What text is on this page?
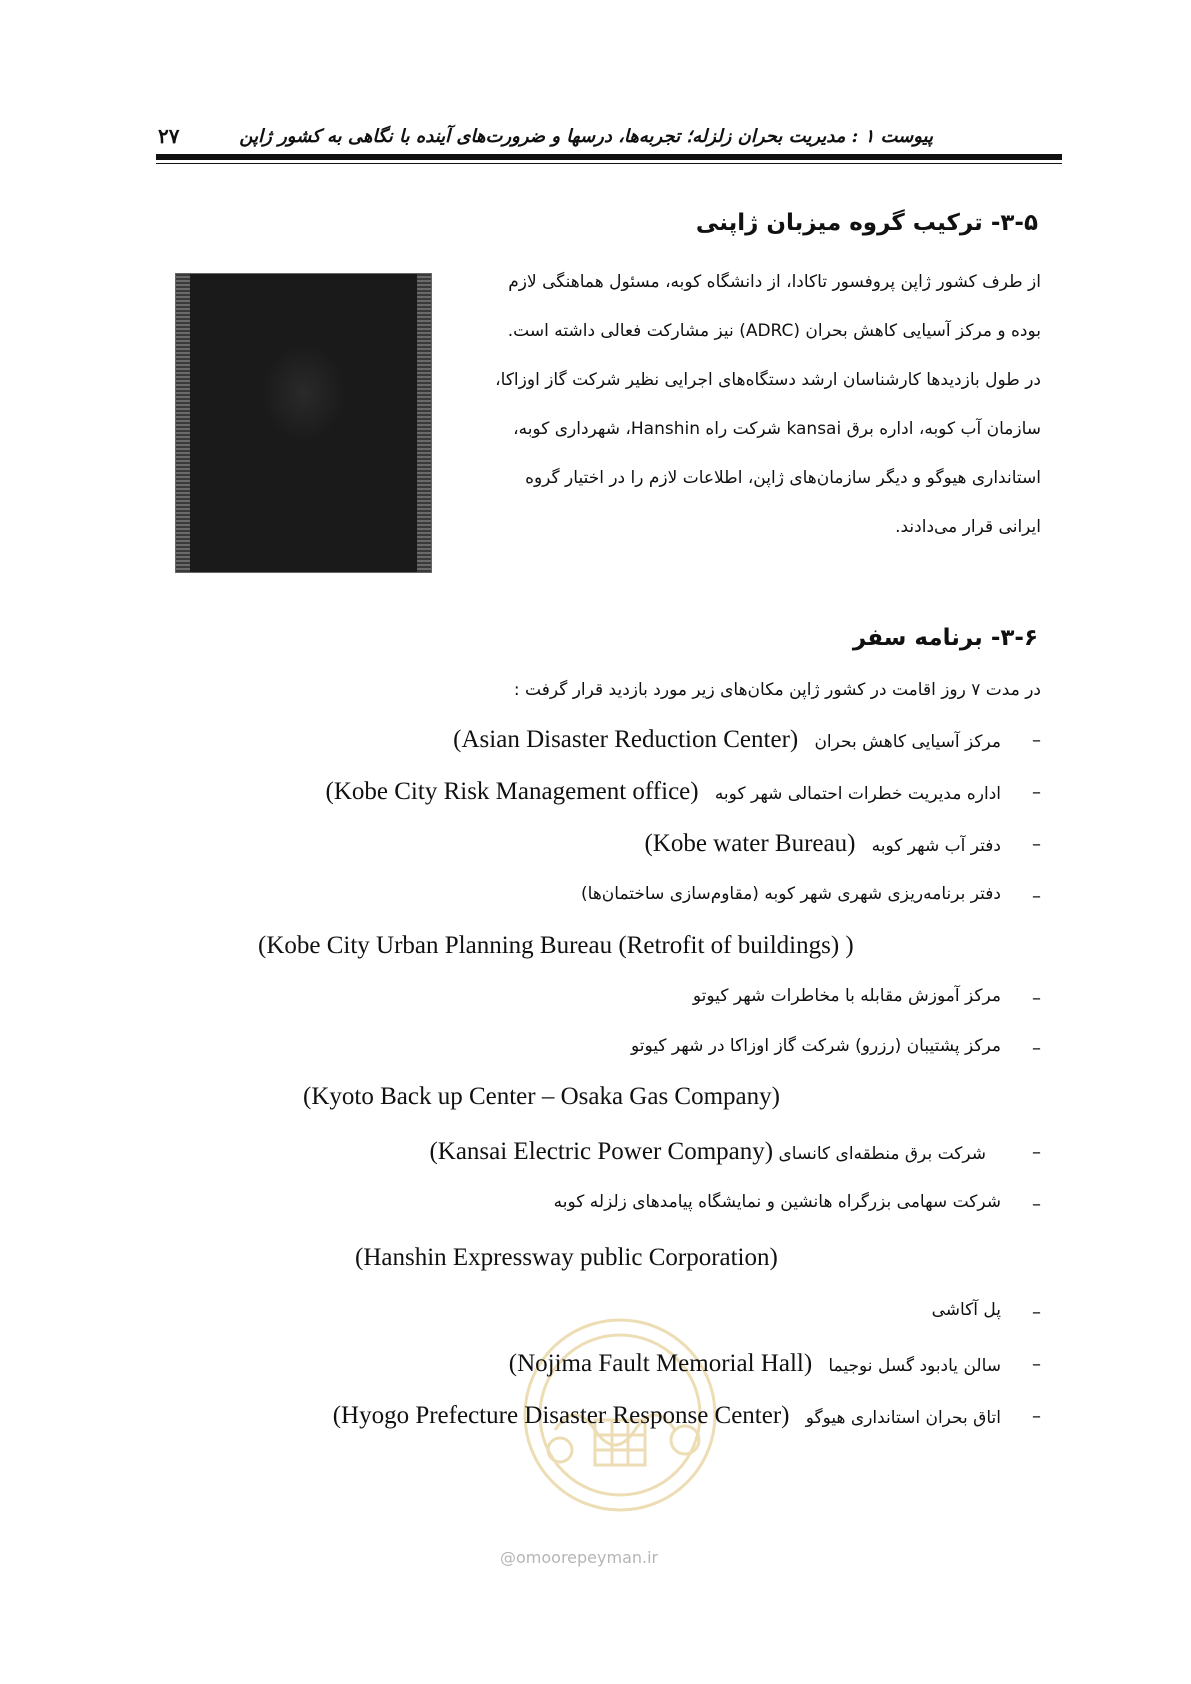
پیوست ۱ : مدیریت بحران زلزله؛ تجربه‌ها، درسها و ضرورت‌های آینده با نگاهی به کشور ژاپن
۲۷
۳-۵- ترکیب گروه میزبان ژاپنی
از طرف کشور ژاپن پروفسور تاکادا، از دانشگاه کوبه، مسئول هماهنگی لازم
بوده و مرکز آسیایی کاهش بحران (ADRC) نیز مشارکت فعالی داشته است.
در طول بازدیدها کارشناسان ارشد دستگاه‌های اجرایی نظیر شرکت گاز اوزاکا،
سازمان آب کوبه، اداره برق kansai شرکت راه Hanshin، شهرداری کوبه،
استانداری هیوگو و دیگر سازمان‌های ژاپن، اطلاعات لازم را در اختیار گروه
ایرانی قرار می‌دادند.
۳-۶- برنامه سفر
در مدت ۷ روز اقامت در کشور ژاپن مکان‌های زیر مورد بازدید قرار گرفت :
–
مرکز آسیایی کاهش بحران   (Asian Disaster Reduction Center)
–
اداره مدیریت خطرات احتمالی شهر کوبه   (Kobe City Risk Management office)
–
دفتر آب شهر کوبه   (Kobe water Bureau)
–
دفتر برنامه‌ریزی شهری شهر کوبه (مقاوم‌سازی ساختمان‌ها)
(Kobe City Urban Planning Bureau (Retrofit of buildings) )
–
مرکز آموزش مقابله با مخاطرات شهر کیوتو
–
مرکز پشتیبان (رزرو) شرکت گاز اوزاکا در شهر کیوتو
(Kyoto Back up Center – Osaka Gas Company)
–
شرکت برق منطقه‌ای کانسای (Kansai Electric Power Company)
–
شرکت سهامی بزرگراه هانشین و نمایشگاه پیامدهای زلزله کوبه
(Hanshin Expressway public Corporation)
–
پل آکاشی
–
سالن یادبود گسل نوجیما   (Nojima Fault Memorial Hall)
–
اتاق بحران استانداری هیوگو   (Hyogo Prefecture Disaster Response Center)
@omoorepeyman.ir
